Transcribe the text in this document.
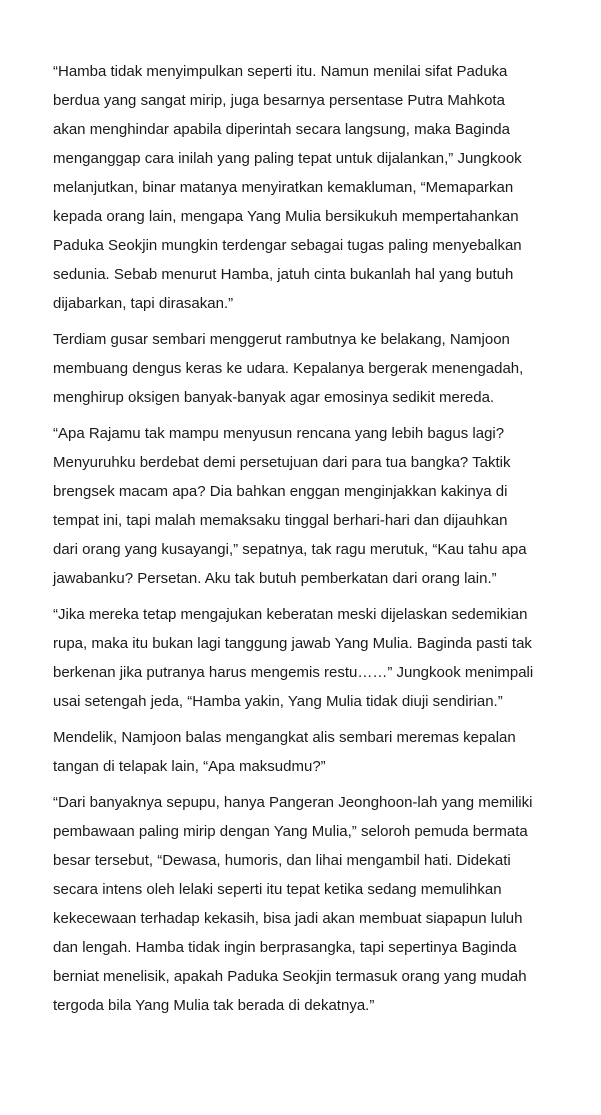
“Hamba tidak menyimpulkan seperti itu. Namun menilai sifat Paduka
berdua yang sangat mirip, juga besarnya persentase Putra Mahkota
akan menghindar apabila diperintah secara langsung, maka Baginda
menganggap cara inilah yang paling tepat untuk dijalankan,” Jungkook
melanjutkan, binar matanya menyiratkan kemakluman, “Memaparkan
kepada orang lain, mengapa Yang Mulia bersikukuh mempertahankan
Paduka Seokjin mungkin terdengar sebagai tugas paling menyebalkan
sedunia. Sebab menurut Hamba, jatuh cinta bukanlah hal yang butuh
dijabarkan, tapi dirasakan.”
Terdiam gusar sembari menggerut rambutnya ke belakang, Namjoon
membuang dengus keras ke udara. Kepalanya bergerak menengadah,
menghirup oksigen banyak-banyak agar emosinya sedikit mereda.
“Apa Rajamu tak mampu menyusun rencana yang lebih bagus lagi?
Menyuruhku berdebat demi persetujuan dari para tua bangka? Taktik
brengsek macam apa? Dia bahkan enggan menginjakkan kakinya di
tempat ini, tapi malah memaksaku tinggal berhari-hari dan dijauhkan
dari orang yang kusayangi,” sepatnya, tak ragu merutuk, “Kau tahu apa
jawabanku? Persetan. Aku tak butuh pemberkatan dari orang lain.”
“Jika mereka tetap mengajukan keberatan meski dijelaskan sedemikian
rupa, maka itu bukan lagi tanggung jawab Yang Mulia. Baginda pasti tak
berkenan jika putranya harus mengemis restu……” Jungkook menimpali
usai setengah jeda, “Hamba yakin, Yang Mulia tidak diuji sendirian.”
Mendelik, Namjoon balas mengangkat alis sembari meremas kepalan
tangan di telapak lain, “Apa maksudmu?”
“Dari banyaknya sepupu, hanya Pangeran Jeonghoon-lah yang memiliki
pembawaan paling mirip dengan Yang Mulia,” seloroh pemuda bermata
besar tersebut, “Dewasa, humoris, dan lihai mengambil hati. Didekati
secara intens oleh lelaki seperti itu tepat ketika sedang memulihkan
kekecewaan terhadap kekasih, bisa jadi akan membuat siapapun luluh
dan lengah. Hamba tidak ingin berprasangka, tapi sepertinya Baginda
berniat menelisik, apakah Paduka Seokjin termasuk orang yang mudah
tergoda bila Yang Mulia tak berada di dekatnya.”
